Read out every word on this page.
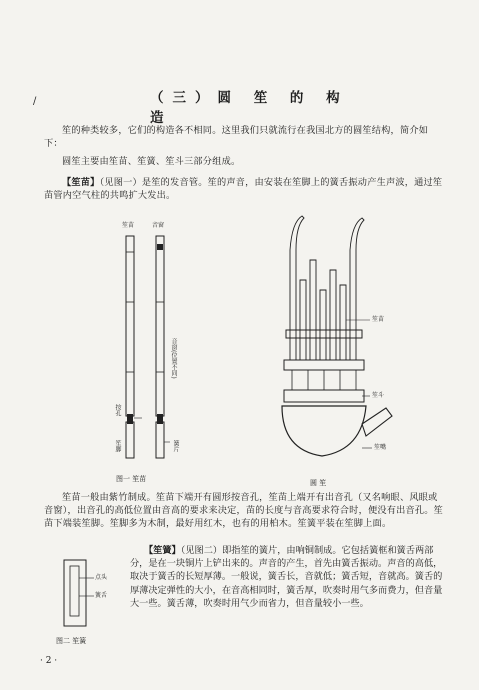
/	（三）圆 笙 的 构 造

笙的种类较多，它们的构造各不相同。这里我们只就流行在我国北方的圆笙结构，简介如下：

圆笙主要由笙苗、笙簧、笙斗三部分组成。

【笙苗】（见图一）是笙的发音管。笙的声音，由安装在笙脚上的簧舌振动产生声波，通过笙苗管内空气柱的共鸣扩大发出。

笙苗	音窗
音窗(位置不同)
按孔
笙脚	簧片
图一 笙苗
笙苗
笙斗
笙嘴
圆 笙

笙苗一般由紫竹制成。笙苗下端开有圆形按音孔，笙苗上端开有出音孔（又名响眼、风眼或音窗），出音孔的高低位置由音高的要求来决定，苗的长度与音高要求符合时，便没有出音孔。笙苗下端装笙脚。笙脚多为木制，最好用红木，也有的用柏木。笙簧平装在笙脚上面。

点头
簧舌
图二 笙簧

【笙簧】（见图二）即指笙的簧片，由响铜制成。它包括簧框和簧舌两部分，是在一块铜片上铲出来的。声音的产生，首先由簧舌振动。声音的高低，取决于簧舌的长短厚薄。一般说，簧舌长，音就低；簧舌短，音就高。簧舌的厚薄决定弹性的大小，在音高相同时，簧舌厚，吹奏时用气多而费力，但音量大一些。簧舌薄，吹奏时用气少而省力，但音量较小一些。

· 2 ·
